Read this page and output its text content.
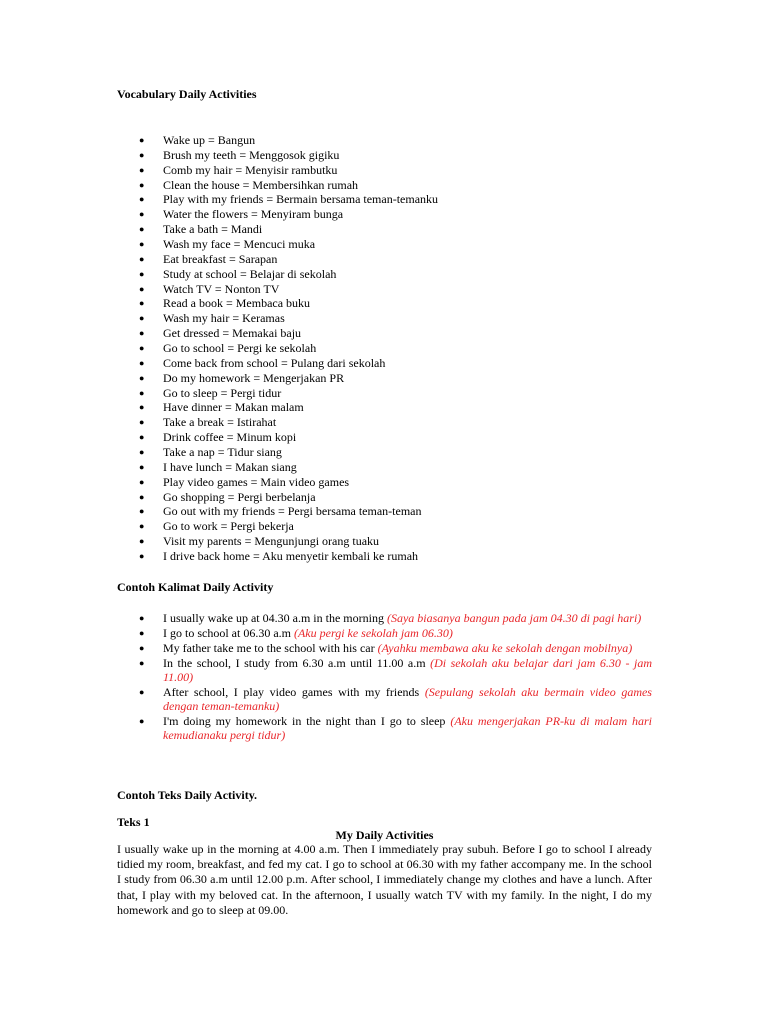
Vocabulary Daily Activities
● Wake up = Bangun
● Brush my teeth = Menggosok gigiku
● Comb my hair = Menyisir rambutku
● Clean the house = Membersihkan rumah
● Play with my friends = Bermain bersama teman-temanku
● Water the flowers = Menyiram bunga
● Take a bath = Mandi
● Wash my face = Mencuci muka
● Eat breakfast = Sarapan
● Study at school = Belajar di sekolah
● Watch TV = Nonton TV
● Read a book = Membaca buku
● Wash my hair = Keramas
● Get dressed = Memakai baju
● Go to school = Pergi ke sekolah
● Come back from school = Pulang dari sekolah
● Do my homework = Mengerjakan PR
● Go to sleep = Pergi tidur
● Have dinner = Makan malam
● Take a break = Istirahat
● Drink coffee = Minum kopi
● Take a nap = Tidur siang
● I have lunch = Makan siang
● Play video games = Main video games
● Go shopping = Pergi berbelanja
● Go out with my friends = Pergi bersama teman-teman
● Go to work = Pergi bekerja
● Visit my parents = Mengunjungi orang tuaku
● I drive back home = Aku menyetir kembali ke rumah
Contoh Kalimat Daily Activity
● I usually wake up at 04.30 a.m in the morning (Saya biasanya bangun pada jam 04.30 di pagi hari)
● I go to school at 06.30 a.m (Aku pergi ke sekolah jam 06.30)
● My father take me to the school with his car (Ayahku membawa aku ke sekolah dengan mobilnya)
● In the school, I study from 6.30 a.m until 11.00 a.m (Di sekolah aku belajar dari jam 6.30 - jam 11.00)
● After school, I play video games with my friends (Sepulang sekolah aku bermain video games dengan teman-temanku)
● I'm doing my homework in the night than I go to sleep (Aku mengerjakan PR-ku di malam hari kemudianaku pergi tidur)
Contoh Teks Daily Activity.
Teks 1
My Daily Activities

I usually wake up in the morning at 4.00 a.m. Then I immediately pray subuh. Before I go to school I already tidied my room, breakfast, and fed my cat. I go to school at 06.30 with my father accompany me. In the school I study from 06.30 a.m until 12.00 p.m. After school, I immediately change my clothes and have a lunch. After that, I play with my beloved cat. In the afternoon, I usually watch TV with my family. In the night, I do my homework and go to sleep at 09.00.
